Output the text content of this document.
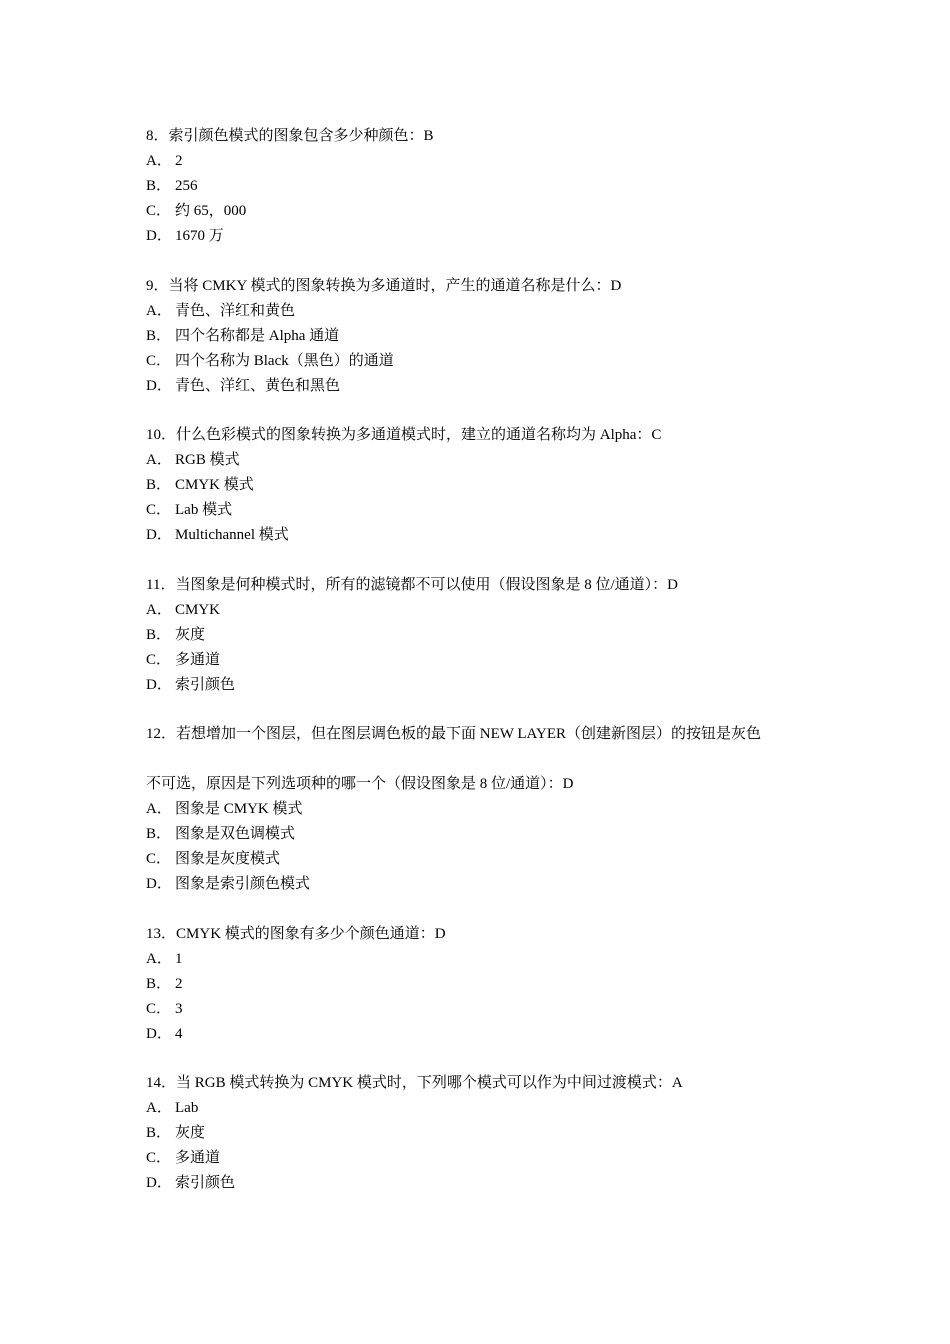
8．索引颜色模式的图象包含多少种颜色：B
A． 2
B． 256
C． 约 65，000
D． 1670 万
9．当将 CMKY 模式的图象转换为多通道时，产生的通道名称是什么：D
A． 青色、洋红和黄色
B． 四个名称都是 Alpha 通道
C． 四个名称为 Black（黑色）的通道
D． 青色、洋红、黄色和黑色
10．什么色彩模式的图象转换为多通道模式时，建立的通道名称均为 Alpha：C
A． RGB 模式
B． CMYK 模式
C． Lab 模式
D． Multichannel 模式
11．当图象是何种模式时，所有的滤镜都不可以使用（假设图象是 8 位/通道）：D
A． CMYK
B． 灰度
C． 多通道
D． 索引颜色
12．若想增加一个图层，但在图层调色板的最下面 NEW LAYER（创建新图层）的按钮是灰色
不可选，原因是下列选项种的哪一个（假设图象是 8 位/通道）：D
A． 图象是 CMYK 模式
B． 图象是双色调模式
C． 图象是灰度模式
D． 图象是索引颜色模式
13．CMYK 模式的图象有多少个颜色通道：D
A． 1
B． 2
C． 3
D． 4
14．当 RGB 模式转换为 CMYK 模式时，下列哪个模式可以作为中间过渡模式：A
A． Lab
B． 灰度
C． 多通道
D． 索引颜色
